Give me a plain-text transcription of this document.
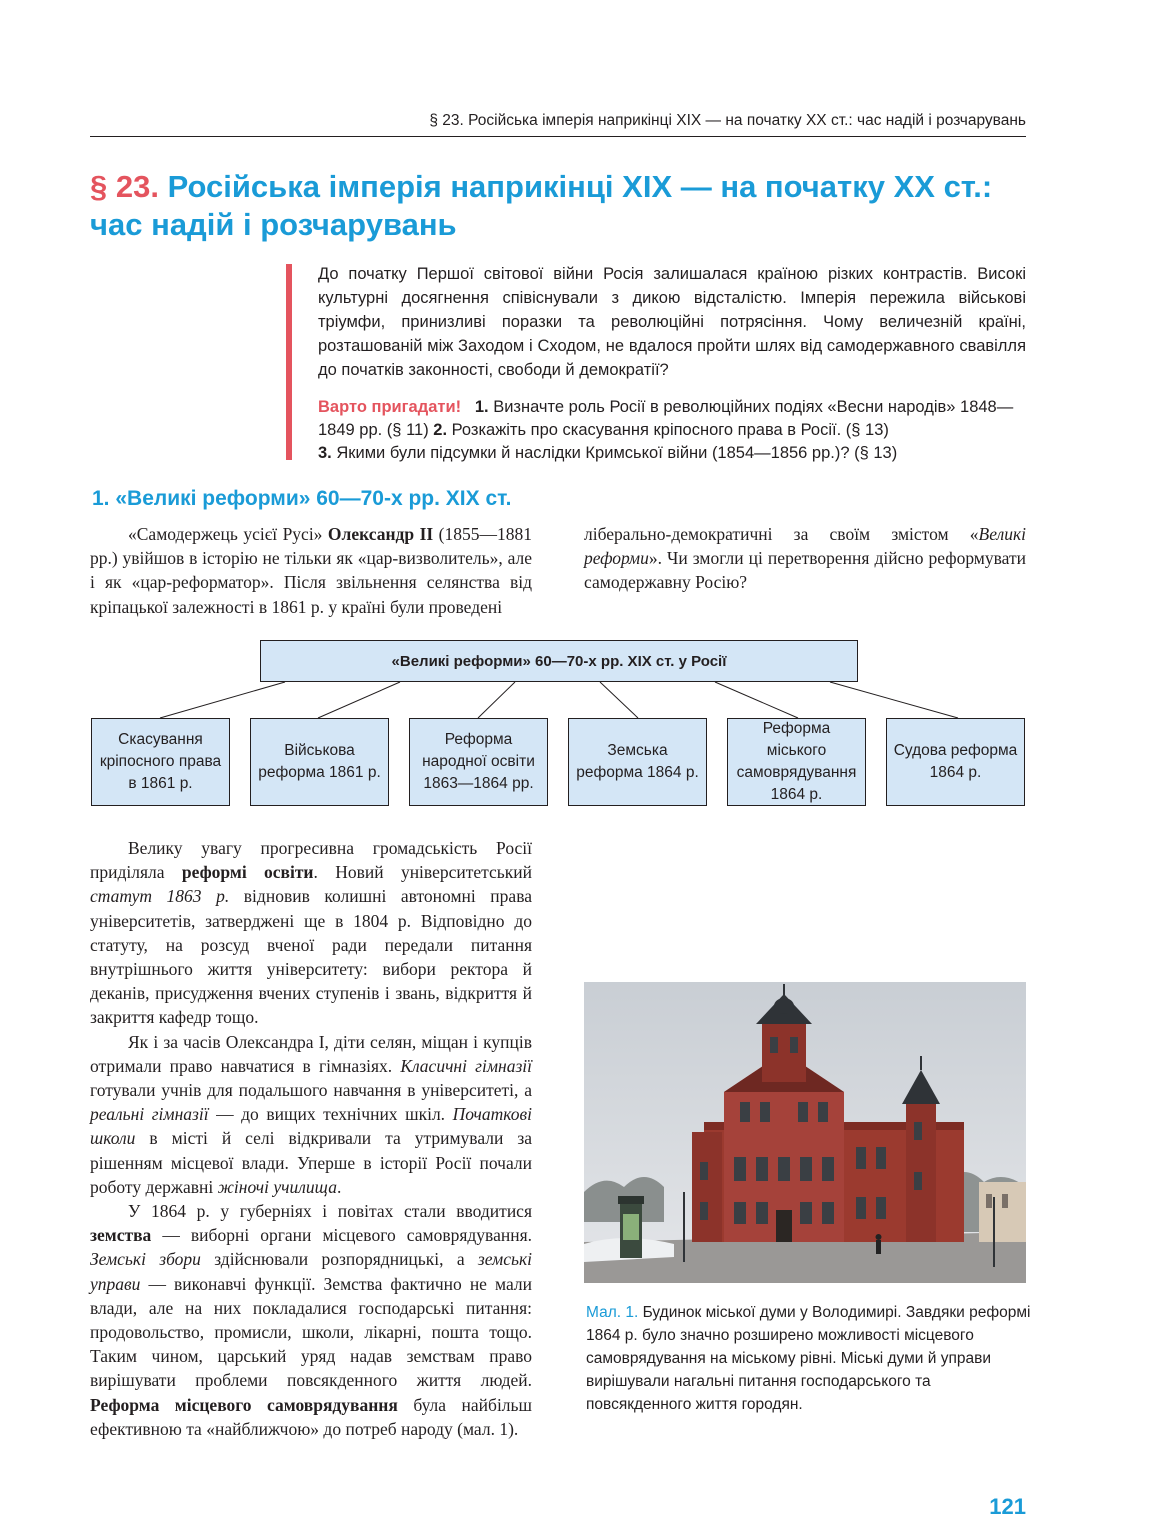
§ 23. Російська імперія наприкінці XIX — на початку XX ст.: час надій і розчарувань
§ 23. Російська імперія наприкінці XIX — на початку XX ст.:
час надій і розчарувань
До початку Першої світової війни Росія залишалася країною різких контрастів. Високі культурні досягнення співіснували з дикою відсталістю. Імперія пережила військові тріумфи, принизливі поразки та революційні потрясіння. Чому величезній країні, розташованій між Заходом і Сходом, не вдалося пройти шлях від самодержавного свавілля до початків законності, свободи й демократії?
Варто пригадати! 1. Визначте роль Росії в революційних подіях «Весни народів» 1848—1849 рр. (§ 11) 2. Розкажіть про скасування кріпосного права в Росії. (§ 13)
3. Якими були підсумки й наслідки Кримської війни (1854—1856 рр.)? (§ 13)
1. «Великі реформи» 60—70-х рр. XIX ст.

«Самодержець усієї Русі» Олександр II (1855—1881 рр.) увійшов в історію не тільки як «цар-визволитель», але і як «цар-реформатор». Після звільнення селянства від кріпацької залежності в 1861 р. у країні були проведені

ліберально-демократичні за своїм змістом «Великі реформи». Чи змогли ці перетворення дійсно реформувати самодержавну Росію?

«Великі реформи» 60—70-х рр. XIX ст. у Росії
Скасування кріпосного права в 1861 р.
Військова реформа 1861 р.
Реформа народної освіти 1863—1864 рр.
Земська реформа 1864 р.
Реформа міського самоврядування 1864 р.
Судова реформа 1864 р.

Велику увагу прогресивна громадськість Росії приділяла реформі освіти. Новий університетський статут 1863 р. відновив колишні автономні права університетів, затверджені ще в 1804 р. Відповідно до статуту, на розсуд вченої ради передали питання внутрішнього життя університету: вибори ректора й деканів, присудження вчених ступенів і звань, відкриття й закриття кафедр тощо.

Як і за часів Олександра I, діти селян, міщан і купців отримали право навчатися в гімназіях. Класичні гімназії готували учнів для подальшого навчання в університеті, а реальні гімназії — до вищих технічних шкіл. Початкові школи в місті й селі відкривали та утримували за рішенням місцевої влади. Уперше в історії Росії почали роботу державні жіночі училища.

У 1864 р. у губерніях і повітах стали вводитися земства — виборні органи місцевого самоврядування. Земські збори здійснювали розпорядницькі, а земські управи — виконавчі функції. Земства фактично не мали влади, але на них покладалися господарські питання: продовольство, промисли, школи, лікарні, пошта тощо. Таким чином, царський уряд надав земствам право вирішувати проблеми повсякденного життя людей. Реформа місцевого самоврядування була найбільш ефективною та «найближчою» до потреб народу (мал. 1).

Мал. 1. Будинок міської думи у Володимирі. Завдяки реформі 1864 р. було значно розширено можливості місцевого самоврядування на міському рівні. Міські думи й управи вирішували нагальні питання господарського та повсякденного життя городян.
121
